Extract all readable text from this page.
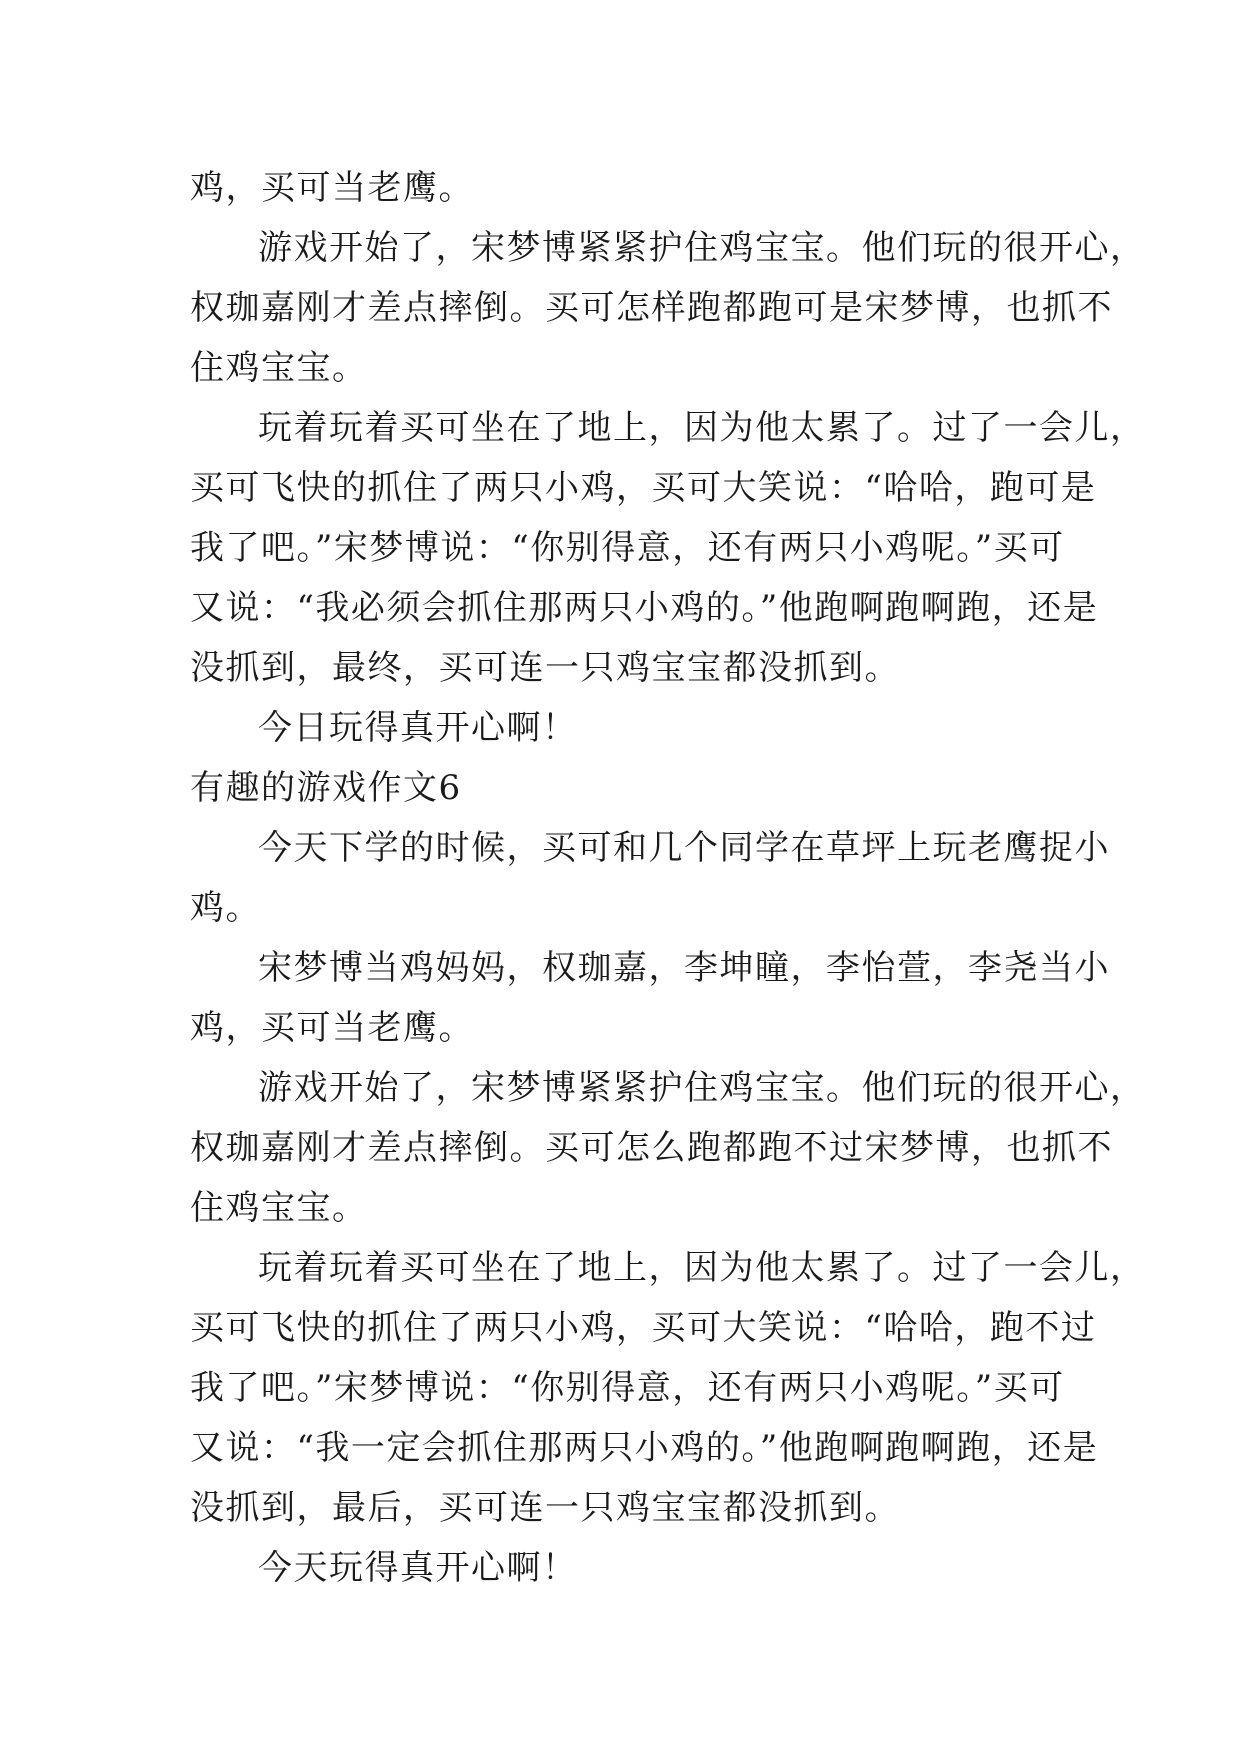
鸡，买可当老鹰。
游戏开始了，宋梦博紧紧护住鸡宝宝。他们玩的很开心，
权珈嘉刚才差点摔倒。买可怎样跑都跑可是宋梦博，也抓不
住鸡宝宝。
玩着玩着买可坐在了地上，因为他太累了。过了一会儿，
买可飞快的抓住了两只小鸡，买可大笑说：“哈哈，跑可是
我了吧。”宋梦博说：“你别得意，还有两只小鸡呢。”买可
又说：“我必须会抓住那两只小鸡的。”他跑啊跑啊跑，还是
没抓到，最终，买可连一只鸡宝宝都没抓到。
今日玩得真开心啊！
有趣的游戏作文6
今天下学的时候，买可和几个同学在草坪上玩老鹰捉小
鸡。
宋梦博当鸡妈妈，权珈嘉，李坤瞳，李怡萱，李尧当小
鸡，买可当老鹰。
游戏开始了，宋梦博紧紧护住鸡宝宝。他们玩的很开心，
权珈嘉刚才差点摔倒。买可怎么跑都跑不过宋梦博，也抓不
住鸡宝宝。
玩着玩着买可坐在了地上，因为他太累了。过了一会儿，
买可飞快的抓住了两只小鸡，买可大笑说：“哈哈，跑不过
我了吧。”宋梦博说：“你别得意，还有两只小鸡呢。”买可
又说：“我一定会抓住那两只小鸡的。”他跑啊跑啊跑，还是
没抓到，最后，买可连一只鸡宝宝都没抓到。
今天玩得真开心啊！
